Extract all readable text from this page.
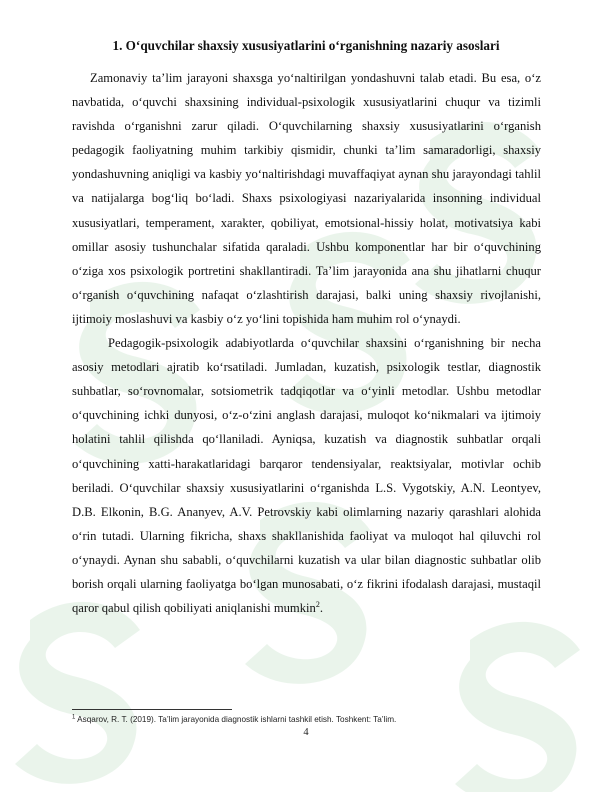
1. O‘quvchilar shaxsiy xususiyatlarini o‘rganishning nazariy asoslari

Zamonaviy ta’lim jarayoni shaxsga yo‘naltirilgan yondashuvni talab etadi. Bu esa, o‘z navbatida, o‘quvchi shaxsining individual-psixologik xususiyatlarini chuqur va tizimli ravishda o‘rganishni zarur qiladi. O‘quvchilarning shaxsiy xususiyatlarini o‘rganish pedagogik faoliyatning muhim tarkibiy qismidir, chunki ta’lim samaradorligi, shaxsiy yondashuvning aniqligi va kasbiy yo‘naltirishdagi muvaffaqiyat aynan shu jarayondagi tahlil va natijalarga bog‘liq bo‘ladi. Shaxs psixologiyasi nazariyalarida insonning individual xususiyatlari, temperament, xarakter, qobiliyat, emotsional-hissiy holat, motivatsiya kabi omillar asosiy tushunchalar sifatida qaraladi. Ushbu komponentlar har bir o‘quvchining o‘ziga xos psixologik portretini shakllantiradi. Ta’lim jarayonida ana shu jihatlarni chuqur o‘rganish o‘quvchining nafaqat o‘zlashtirish darajasi, balki uning shaxsiy rivojlanishi, ijtimoiy moslashuvi va kasbiy o‘z yo‘lini topishida ham muhim rol o‘ynaydi.

Pedagogik-psixologik adabiyotlarda o‘quvchilar shaxsini o‘rganishning bir necha asosiy metodlari ajratib ko‘rsatiladi. Jumladan, kuzatish, psixologik testlar, diagnostik suhbatlar, so‘rovnomalar, sotsiometrik tadqiqotlar va o‘yinli metodlar. Ushbu metodlar o‘quvchining ichki dunyosi, o‘z-o‘zini anglash darajasi, muloqot ko‘nikmalari va ijtimoiy holatini tahlil qilishda qo‘llaniladi. Ayniqsa, kuzatish va diagnostik suhbatlar orqali o‘quvchining xatti-harakatlaridagi barqaror tendensiyalar, reaktsiyalar, motivlar ochib beriladi. O‘quvchilar shaxsiy xususiyatlarini o‘rganishda L.S. Vygotskiy, A.N. Leontyev, D.B. Elkonin, B.G. Ananyev, A.V. Petrovskiy kabi olimlarning nazariy qarashlari alohida o‘rin tutadi. Ularning fikricha, shaxs shakllanishida faoliyat va muloqot hal qiluvchi rol o‘ynaydi. Aynan shu sababli, o‘quvchilarni kuzatish va ular bilan diagnostic suhbatlar olib borish orqali ularning faoliyatga bo‘lgan munosabati, o‘z fikrini ifodalash darajasi, mustaqil qaror qabul qilish qobiliyati aniqlanishi mumkin$^2$.

$^1$ Asqarov, R. T. (2019). Ta’lim jarayonida diagnostik ishlarni tashkil etish. Toshkent: Ta’lim.

4
